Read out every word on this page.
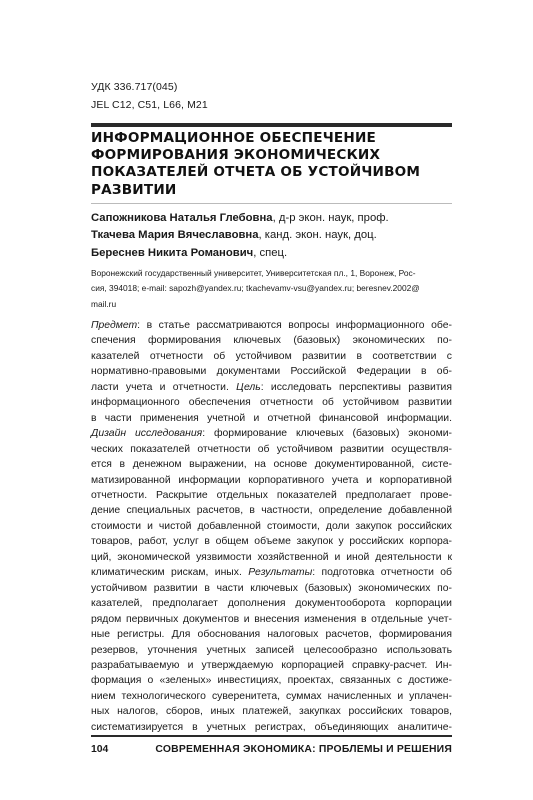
УДК 336.717(045)
JEL C12, C51, L66, M21
ИНФОРМАЦИОННОЕ ОБЕСПЕЧЕНИЕ
ФОРМИРОВАНИЯ ЭКОНОМИЧЕСКИХ
ПОКАЗАТЕЛЕЙ ОТЧЕТА ОБ УСТОЙЧИВОМ
РАЗВИТИИ
Сапожникова Наталья Глебовна, д-р экон. наук, проф.
Ткачева Мария Вячеславовна, канд. экон. наук, доц.
Береснев Никита Романович, спец.
Воронежский государственный университет, Университетская пл., 1, Воронеж, Рос-
сия, 394018; e-mail: sapozh@yandex.ru; tkachevamv-vsu@yandex.ru; beresnev.2002@
mail.ru
Предмет: в статье рассматриваются вопросы информационного обе-
спечения формирования ключевых (базовых) экономических по-
казателей отчетности об устойчивом развитии в соответствии с
нормативно-правовыми документами Российской Федерации в об-
ласти учета и отчетности. Цель: исследовать перспективы развития
информационного обеспечения отчетности об устойчивом развитии
в части применения учетной и отчетной финансовой информации.
Дизайн исследования: формирование ключевых (базовых) экономи-
ческих показателей отчетности об устойчивом развитии осуществля-
ется в денежном выражении, на основе документированной, систе-
матизированной информации корпоративного учета и корпоративной
отчетности. Раскрытие отдельных показателей предполагает прове-
дение специальных расчетов, в частности, определение добавленной
стоимости и чистой добавленной стоимости, доли закупок российских
товаров, работ, услуг в общем объеме закупок у российских корпора-
ций, экономической уязвимости хозяйственной и иной деятельности к
климатическим рискам, иных. Результаты: подготовка отчетности об
устойчивом развитии в части ключевых (базовых) экономических по-
казателей, предполагает дополнения документооборота корпорации
рядом первичных документов и внесения изменения в отдельные учет-
ные регистры. Для обоснования налоговых расчетов, формирования
резервов, уточнения учетных записей целесообразно использовать
разрабатываемую и утверждаемую корпорацией справку-расчет. Ин-
формация о «зеленых» инвестициях, проектах, связанных с достиже-
нием технологического суверенитета, суммах начисленных и уплачен-
ных налогов, сборов, иных платежей, закупках российских товаров,
систематизируется в учетных регистрах, объединяющих аналитиче-
104	СОВРЕМЕННАЯ ЭКОНОМИКА: ПРОБЛЕМЫ И РЕШЕНИЯ
